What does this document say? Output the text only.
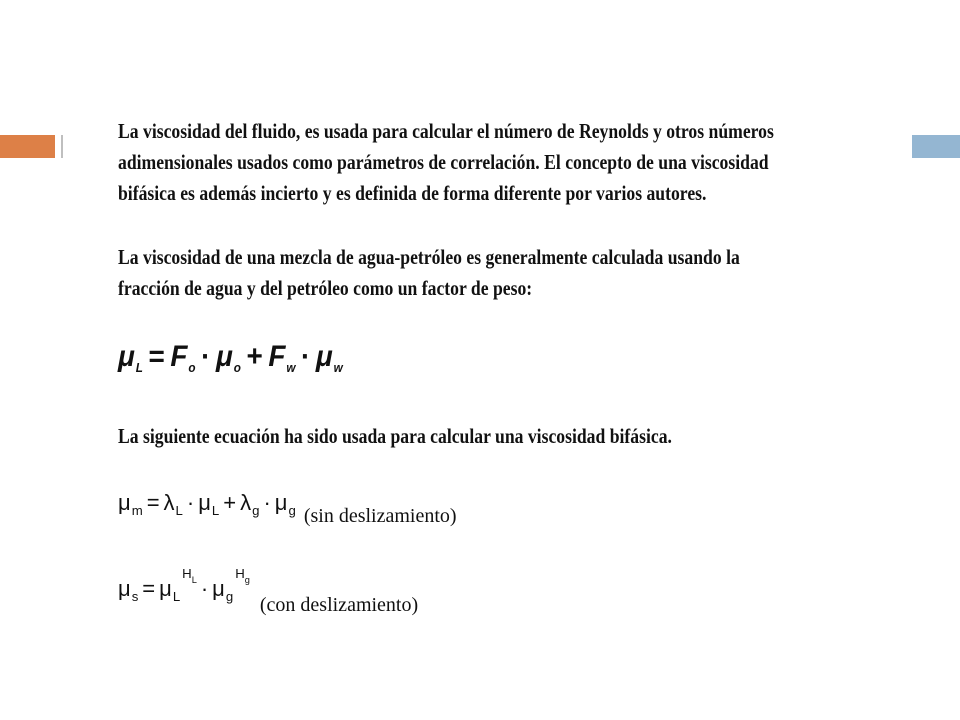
La viscosidad del fluido, es usada para calcular el número de Reynolds y otros números
adimensionales usados como parámetros de correlación. El concepto de una viscosidad
bifásica es además incierto y es definida de forma diferente por varios autores.
La viscosidad de una mezcla de agua-petróleo es generalmente calculada usando la
fracción de agua y del petróleo como un factor de peso:
μL = Fo · μo + Fw · μw
La siguiente ecuación ha sido usada para calcular una viscosidad bifásica.
$\mu_m = \lambda_L \cdot \mu_L + \lambda_g \cdot \mu_g$ (sin deslizamiento)
$\mu_s = \mu_L^{H_L} \cdot \mu_g^{H_g}(con$ deslizamiento)
